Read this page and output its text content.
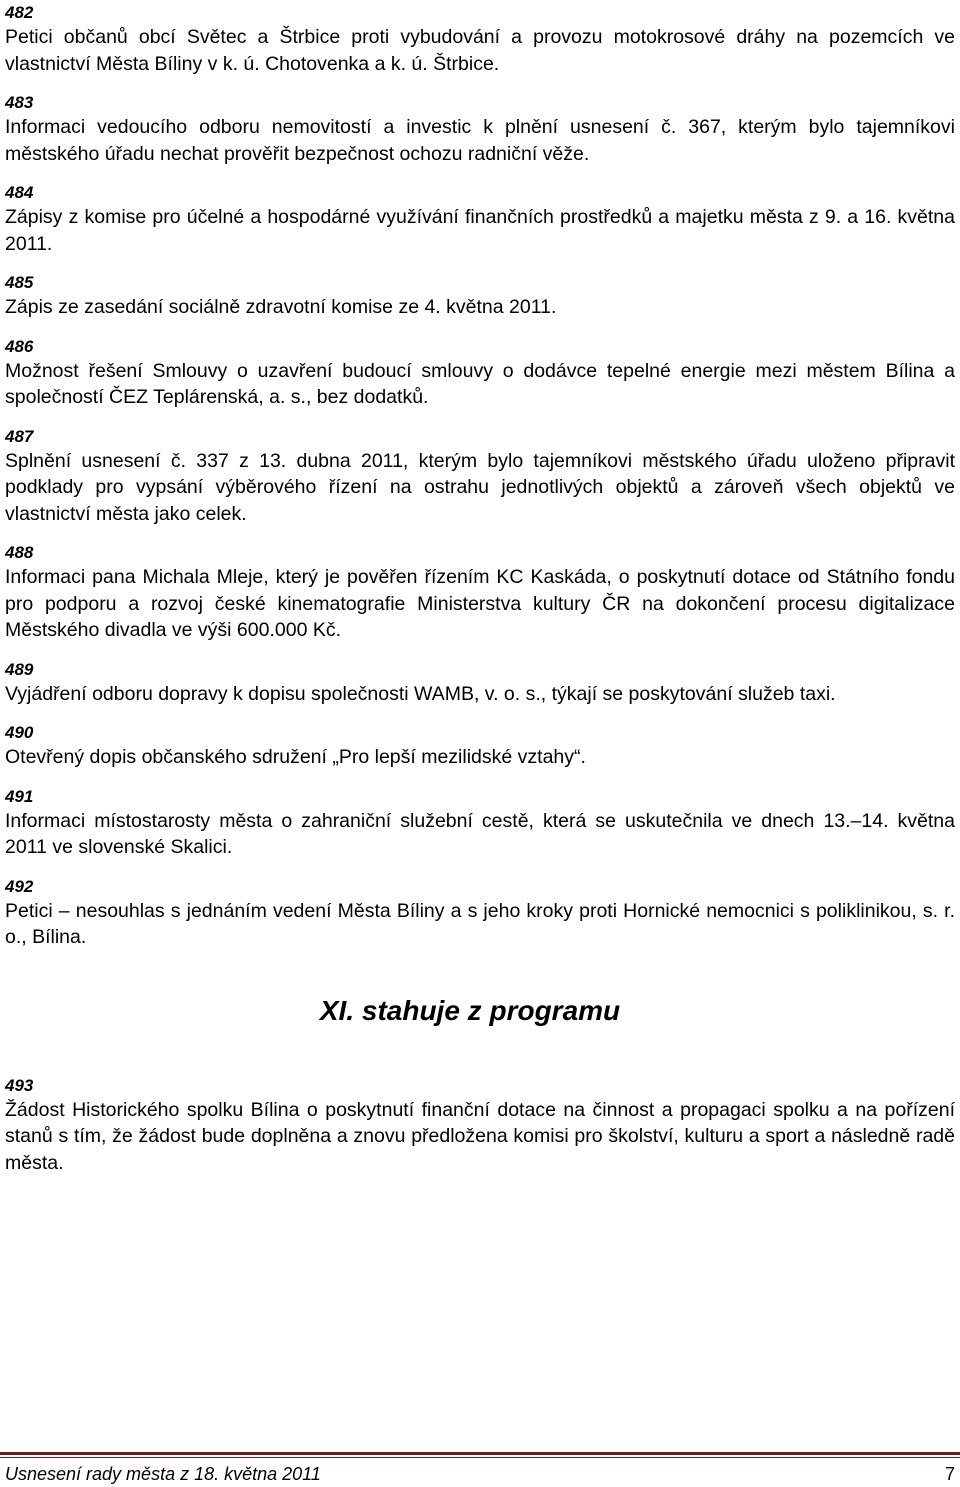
482
Petici občanů obcí Světec a Štrbice proti vybudování a provozu motokrosové dráhy na pozemcích ve vlastnictví Města Bíliny v k. ú. Chotovenka a k. ú. Štrbice.
483
Informaci vedoucího odboru nemovitostí a investic k plnění usnesení č. 367, kterým bylo tajemníkovi městského úřadu nechat prověřit bezpečnost ochozu radniční věže.
484
Zápisy z komise pro účelné a hospodárné využívání finančních prostředků a majetku města z 9. a 16. května 2011.
485
Zápis ze zasedání sociálně zdravotní komise ze 4. května 2011.
486
Možnost řešení Smlouvy o uzavření budoucí smlouvy o dodávce tepelné energie mezi městem Bílina a společností ČEZ Teplárenská, a. s., bez dodatků.
487
Splnění usnesení č. 337 z 13. dubna 2011, kterým bylo tajemníkovi městského úřadu uloženo připravit podklady pro vypsání výběrového řízení na ostrahu jednotlivých objektů a zároveň všech objektů ve vlastnictví města jako celek.
488
Informaci pana Michala Mleje, který je pověřen řízením KC Kaskáda, o poskytnutí dotace od Státního fondu pro podporu a rozvoj české kinematografie Ministerstva kultury ČR na dokončení procesu digitalizace Městského divadla ve výši 600.000 Kč.
489
Vyjádření odboru dopravy k dopisu společnosti WAMB, v. o. s., týkají se poskytování služeb taxi.
490
Otevřený dopis občanského sdružení „Pro lepší mezilidské vztahy“.
491
Informaci místostarosty města o zahraniční služební cestě, která se uskutečnila ve dnech 13.–14. května 2011 ve slovenské Skalici.
492
Petici – nesouhlas s jednáním vedení Města Bíliny a s jeho kroky proti Hornické nemocnici s poliklinikou, s. r. o., Bílina.
XI. stahuje z programu
493
Žádost Historického spolku Bílina o poskytnutí finanční dotace na činnost a propagaci spolku a na pořízení stanů s tím, že žádost bude doplněna a znovu předložena komisi pro školství, kulturu a sport a následně radě města.
Usnesení rady města z 18. května 2011	7
